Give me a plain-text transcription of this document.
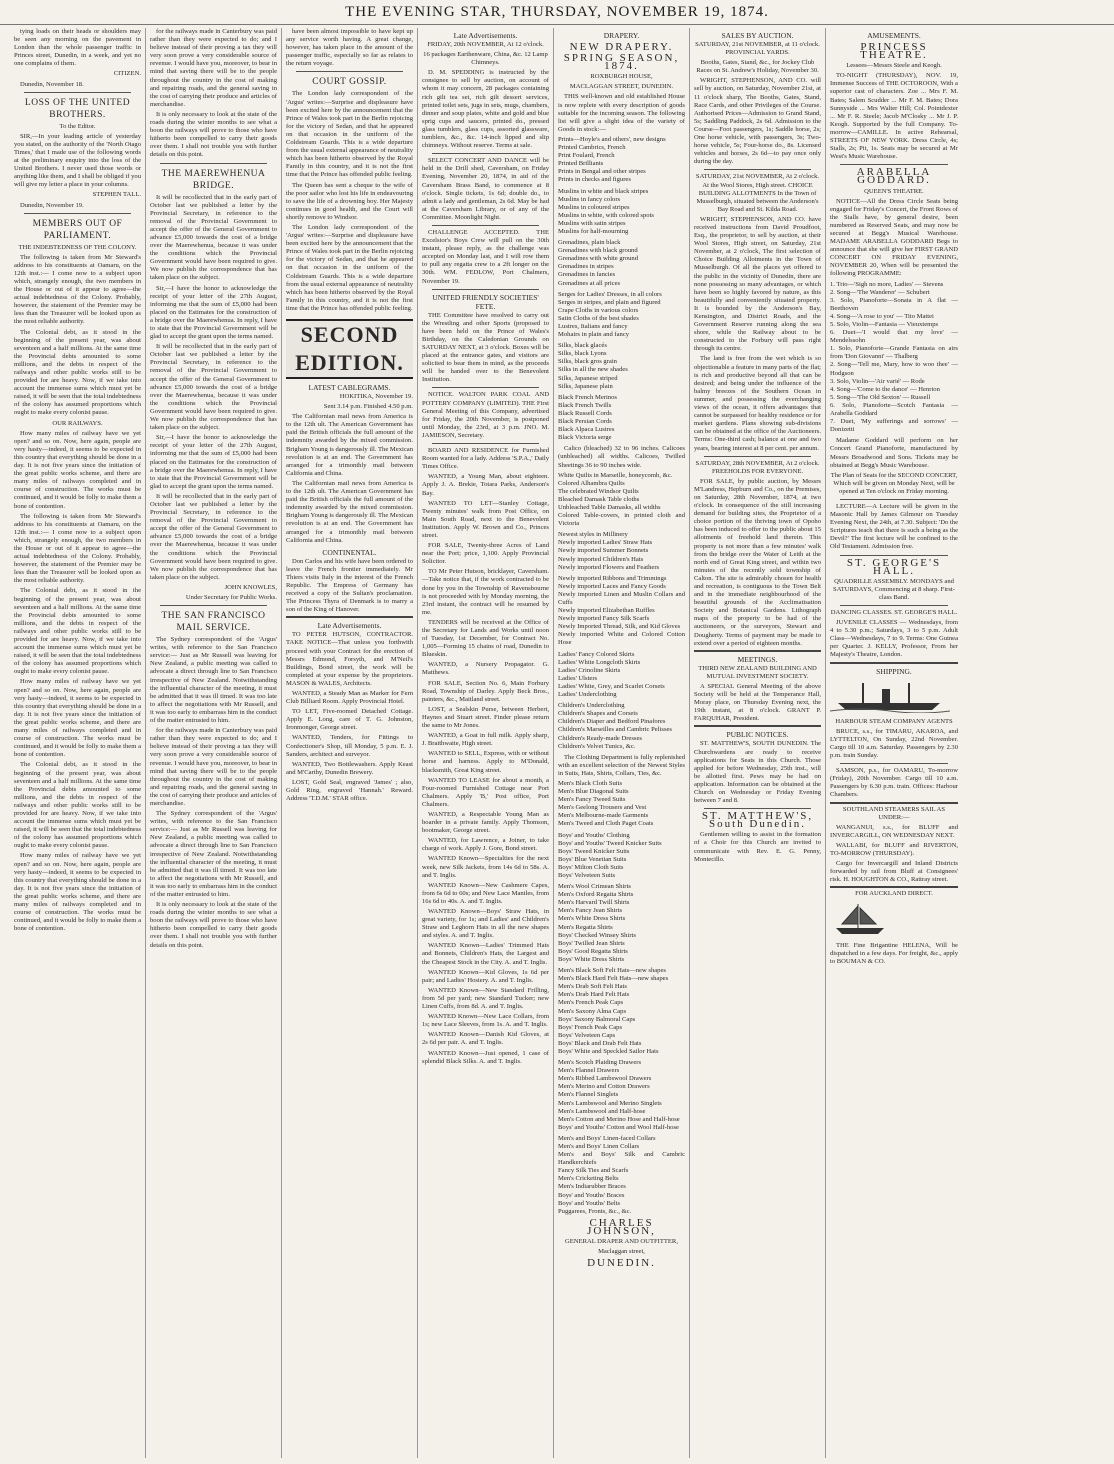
THE EVENING STAR, THURSDAY, NOVEMBER 19, 1874.

tying loads on their heads or shoulders may be seen any morning on the pavement in London than the whole passenger traffic in Princes street, Dunedin, in a week, and yet no one complains of them.

CITIZEN.

Dunedin, November 18.

LOSS OF THE UNITED BROTHERS.

To the Editor.

SIR,—In your leading article of yesterday you stated, on the authority of the 'North Otago Times,' that I made use of the following words at the preliminary enquiry into the loss of the United Brothers. I never used those words or anything like them, and I shall be obliged if you will give my letter a place in your columns.

STEPHEN TALL.

Dunedin, November 19.

MEMBERS OUT OF PARLIAMENT.

THE INDEBTEDNESS OF THE COLONY.

The following is taken from Mr Steward's address to his constituents at Oamaru, on the 12th inst.:— I come now to a subject upon which, strangely enough, the two members in the House or out of it appear to agree—the actual indebtedness of the Colony. Probably, however, the statement of the Premier may be less than the Treasurer will be looked upon as the most reliable authority.

The Colonial debt, as it stood in the beginning of the present year, was about seventeen and a half millions. At the same time the Provincial debts amounted to some millions, and the debts in respect of the railways and other public works still to be provided for are heavy. Now, if we take into account the immense sums which must yet be raised, it will be seen that the total indebtedness of the colony has assumed proportions which ought to make every colonist pause.

OUR RAILWAYS.

How many miles of railway have we yet open? and so on. Now, here again, people are very hasty—indeed, it seems to be expected in this country that everything should be done in a day. It is not five years since the initiation of the great public works scheme, and there are many miles of railways completed and in course of construction. The works must be continued, and it would be folly to make them a bone of contention.

The following is taken from Mr Steward's address to his constituents at Oamaru, on the 12th inst.:— I come now to a subject upon which, strangely enough, the two members in the House or out of it appear to agree—the actual indebtedness of the Colony. Probably, however, the statement of the Premier may be less than the Treasurer will be looked upon as the most reliable authority.

The Colonial debt, as it stood in the beginning of the present year, was about seventeen and a half millions. At the same time the Provincial debts amounted to some millions, and the debts in respect of the railways and other public works still to be provided for are heavy. Now, if we take into account the immense sums which must yet be raised, it will be seen that the total indebtedness of the colony has assumed proportions which ought to make every colonist pause.

How many miles of railway have we yet open? and so on. Now, here again, people are very hasty—indeed, it seems to be expected in this country that everything should be done in a day. It is not five years since the initiation of the great public works scheme, and there are many miles of railways completed and in course of construction. The works must be continued, and it would be folly to make them a bone of contention.

The Colonial debt, as it stood in the beginning of the present year, was about seventeen and a half millions. At the same time the Provincial debts amounted to some millions, and the debts in respect of the railways and other public works still to be provided for are heavy. Now, if we take into account the immense sums which must yet be raised, it will be seen that the total indebtedness of the colony has assumed proportions which ought to make every colonist pause.

How many miles of railway have we yet open? and so on. Now, here again, people are very hasty—indeed, it seems to be expected in this country that everything should be done in a day. It is not five years since the initiation of the great public works scheme, and there are many miles of railways completed and in course of construction. The works must be continued, and it would be folly to make them a bone of contention.

for the railways made in Canterbury was paid rather than they were expected to do; and I believe instead of their proving a tax they will very soon prove a very considerable source of revenue. I would have you, moreover, to bear in mind that saving there will be to the people throughout the country in the cost of making and repairing roads, and the general saving in the cost of carrying their produce and articles of merchandise.

It is only necessary to look at the state of the roads during the winter months to see what a boon the railways will prove to those who have hitherto been compelled to carry their goods over them. I shall not trouble you with further details on this point.

THE MAEREWHENUA BRIDGE.

It will be recollected that in the early part of October last we published a letter by the Provincial Secretary, in reference to the removal of the Provincial Government to accept the offer of the General Government to advance £5,000 towards the cost of a bridge over the Maerewhenua, because it was under the conditions which the Provincial Government would have been required to give. We now publish the correspondence that has taken place on the subject.

Sir,—I have the honor to acknowledge the receipt of your letter of the 27th August, informing me that the sum of £5,000 had been placed on the Estimates for the construction of a bridge over the Maerewhenua. In reply, I have to state that the Provincial Government will be glad to accept the grant upon the terms named.

It will be recollected that in the early part of October last we published a letter by the Provincial Secretary, in reference to the removal of the Provincial Government to accept the offer of the General Government to advance £5,000 towards the cost of a bridge over the Maerewhenua, because it was under the conditions which the Provincial Government would have been required to give. We now publish the correspondence that has taken place on the subject.

Sir,—I have the honor to acknowledge the receipt of your letter of the 27th August, informing me that the sum of £5,000 had been placed on the Estimates for the construction of a bridge over the Maerewhenua. In reply, I have to state that the Provincial Government will be glad to accept the grant upon the terms named.

It will be recollected that in the early part of October last we published a letter by the Provincial Secretary, in reference to the removal of the Provincial Government to accept the offer of the General Government to advance £5,000 towards the cost of a bridge over the Maerewhenua, because it was under the conditions which the Provincial Government would have been required to give. We now publish the correspondence that has taken place on the subject.

JOHN KNOWLES,

Under Secretary for Public Works.

THE SAN FRANCISCO MAIL SERVICE.

The Sydney correspondent of the 'Argus' writes, with reference to the San Francisco service:— Just as Mr Russell was leaving for New Zealand, a public meeting was called to advocate a direct through line to San Francisco irrespective of New Zealand. Notwithstanding the influential character of the meeting, it must be admitted that it was ill timed. It was too late to affect the negotiations with Mr Russell, and it was too early to embarrass him in the conduct of the matter entrusted to him.

for the railways made in Canterbury was paid rather than they were expected to do; and I believe instead of their proving a tax they will very soon prove a very considerable source of revenue. I would have you, moreover, to bear in mind that saving there will be to the people throughout the country in the cost of making and repairing roads, and the general saving in the cost of carrying their produce and articles of merchandise.

The Sydney correspondent of the 'Argus' writes, with reference to the San Francisco service:— Just as Mr Russell was leaving for New Zealand, a public meeting was called to advocate a direct through line to San Francisco irrespective of New Zealand. Notwithstanding the influential character of the meeting, it must be admitted that it was ill timed. It was too late to affect the negotiations with Mr Russell, and it was too early to embarrass him in the conduct of the matter entrusted to him.

It is only necessary to look at the state of the roads during the winter months to see what a boon the railways will prove to those who have hitherto been compelled to carry their goods over them. I shall not trouble you with further details on this point.

have been almost impossible to have kept up any service worth having. A great change, however, has taken place in the amount of the passenger traffic, especially so far as relates to the return voyage.

COURT GOSSIP.

The London lady correspondent of the 'Argus' writes:—Surprise and displeasure have been excited here by the announcement that the Prince of Wales took part in the Berlin rejoicing for the victory of Sedan, and that he appeared on that occasion in the uniform of the Coldstream Guards. This is a wide departure from the usual external appearance of neutrality which has been hitherto observed by the Royal Family in this country, and it is not the first time that the Prince has offended public feeling.

The Queen has sent a cheque to the wife of the poor sailor who lost his life in endeavouring to save the life of a drowning boy. Her Majesty continues in good health, and the Court will shortly remove to Windsor.

The London lady correspondent of the 'Argus' writes:—Surprise and displeasure have been excited here by the announcement that the Prince of Wales took part in the Berlin rejoicing for the victory of Sedan, and that he appeared on that occasion in the uniform of the Coldstream Guards. This is a wide departure from the usual external appearance of neutrality which has been hitherto observed by the Royal Family in this country, and it is not the first time that the Prince has offended public feeling.

SECOND EDITION.
LATEST CABLEGRAMS.

HOKITIKA, November 19.

Sent 3.14 p.m. Finished 4.50 p.m.

The Californian mail news from America is to the 12th ult. The American Government has paid the British officials the full amount of the indemnity awarded by the mixed commission. Brigham Young is dangerously ill. The Mexican revolution is at an end. The Government has arranged for a trimonthly mail between California and China.

The Californian mail news from America is to the 12th ult. The American Government has paid the British officials the full amount of the indemnity awarded by the mixed commission. Brigham Young is dangerously ill. The Mexican revolution is at an end. The Government has arranged for a trimonthly mail between California and China.

CONTINENTAL.

Don Carlos and his wife have been ordered to leave the French frontier immediately. Mr Thiers visits Italy in the interest of the French Republic. The Empress of Germany has received a copy of the Sultan's proclamation. The Princess Thyra of Denmark is to marry a son of the King of Hanover.

Late Advertisements.

TO PETER HUTSON, CONTRACTOR. TAKE NOTICE—That unless you forthwith proceed with your Contract for the erection of Messrs Edmond, Forsyth, and M'Neil's Buildings, Bond street, the work will be completed at your expense by the proprietors. MASON & WALES, Architects.

WANTED, a Steady Man as Marker for Fern Club Billiard Room. Apply Provincial Hotel.

TO LET, Five-roomed Detached Cottage. Apply E. Long, care of T. G. Johnston, Ironmonger, George street.

WANTED, Tenders, for Fittings to Confectioner's Shop, till Monday, 5 p.m. E. J. Sanders, architect and surveyor.

WANTED, Two Bottlewashers. Apply Keast and M'Carthy, Dunedin Brewery.

LOST, Gold Seal, engraved 'James' ; also, Gold Ring, engraved 'Hannah.' Reward. Address 'T.D.M.' STAR office.

Late Advertisements.

FRIDAY, 20th NOVEMBER, At 12 o'clock.

16 packages Earthenware, China, &c. 12 Lamp Chimneys.

D. M. SPEDDING is instructed by the consignee to sell by auction, on account of whom it may concern, 28 packages containing rich gilt tea set, rich gilt dessert services, printed toilet sets, jugs in sets, mugs, chambers, dinner and soup plates, white and gold and blue sprig cups and saucers, printed do., pressed glass tumblers, glass cups, assorted glassware, tumblers, &c., &c. 14-inch lipped and slip chimneys. Without reserve. Terms at sale.

SELECT CONCERT AND DANCE will be held in the Drill shed, Caversham, on Friday Evening, November 20, 1874, in aid of the Caversham Brass Band, to commence at 8 o'clock. Single tickets, 1s 6d; double do., to admit a lady and gentleman, 2s 6d. May be had at the Caversham Library, or of any of the Committee. Moonlight Night.

CHALLENGE ACCEPTED. THE Excelsior's Boys Crew will pull on the 30th instant, please reply, as the challenge was accepted on Monday last, and I will row them to pull any regatta crew to a 2ft longer on the 30th. WM. FEDLOW, Port Chalmers, November 19.

UNITED FRIENDLY SOCIETIES' FETE.

THE Committee have resolved to carry out the Wrestling and other Sports (proposed to have been held on the Prince of Wales's Birthday, on the Caledonian Grounds on SATURDAY NEXT, at 3 o'clock. Boxes will be placed at the entrance gates, and visitors are solicited to bear them in mind, as the proceeds will be handed over to the Benevolent Institution.

NOTICE. WALTON PARK COAL AND POTTERY COMPANY (LIMITED). THE First General Meeting of this Company, advertised for Friday, the 20th November, is postponed until Monday, the 23rd, at 3 p.m. JNO. M. JAMIESON, Secretary.

BOARD AND RESIDENCE for Furnished Room wanted for a lady. Address 'S.P.A.,' Daily Times Office.

WANTED, a Young Man, about eighteen. Apply J. A. Brekie, Totara Parks, Anderson's Bay.

WANTED TO LET—Stanley Cottage, Twenty minutes' walk from Post Office, on Main South Road, next to the Benevolent Institution. Apply W. Brown and Co., Princes street.

FOR SALE, Twenty-three Acres of Land near the Port; price, 1,100. Apply Provincial Solicitor.

TO Mr Peter Hutson, bricklayer, Caversham.—Take notice that, if the work contracted to be done by you in the Township of Ravensbourne is not proceeded with by Monday morning, the 23rd instant, the contract will be resumed by me.

TENDERS will be received at the Office of the Secretary for Lands and Works until noon of Tuesday, 1st December, for Contract No. 1,005—Forming 15 chains of road, Dunedin to Blueskin.

WANTED, a Nursery Propagator. G. Matthews.

FOR SALE, Section No. 6, Main Forbury Road, Township of Darley. Apply Beck Bros., painters, &c., Maitland street.

LOST, a Sealskin Purse, between Herbert, Haynes and Stuart street. Finder please return the same to Mr Jones.

WANTED, a Goat in full milk. Apply sharp, J. Braithwaite, High street.

WANTED to SELL, Express, with or without horse and harness. Apply to M'Donald, blacksmith, Great King street.

WANTED TO LEASE for about a month, a Four-roomed Furnished Cottage near Port Chalmers. Apply 'B,' Post office, Port Chalmers.

WANTED, a Respectable Young Man as boarder in a private family. Apply Thomson, bootmaker, George street.

WANTED, for Lawrence, a Joiner, to take charge of work. Apply J. Gore, Bond street.

WANTED Known—Specialties for the next week, new Silk Jackets, from 14s 6d to 58s. A. and T. Inglis.

WANTED Known—New Cashmere Capes, from 6s 6d to 60s; and New Lace Mantles, from 16s 6d to 40s. A. and T. Inglis.

WANTED Known—Boys' Straw Hats, in great variety, for 1s; and Ladies' and Children's Straw and Leghorn Hats in all the new shapes and styles. A. and T. Inglis.

WANTED Known—Ladies' Trimmed Hats and Bonnets, Children's Hats, the Largest and the Cheapest Stock in the City. A. and T. Inglis.

WANTED Known—Kid Gloves, 1s 6d per pair; and Ladies' Hosiery. A. and T. Inglis.

WANTED Known—New Standard Frilling, from 5d per yard; new Standard Tucker; new Linen Cuffs, from 8d. A. and T. Inglis.

WANTED Known—New Lace Collars, from 1s; new Lace Sleeves, from 1s. A. and T. Inglis.

WANTED Known—Danish Kid Gloves, at 2s 6d per pair. A. and T. Inglis.

WANTED Known—Just opened, 1 case of splendid Black Silks. A. and T. Inglis.

DRAPERY.
NEW DRAPERY.
SPRING SEASON, 1874.

ROXBURGH HOUSE,

MACLAGGAN STREET, DUNEDIN.

THIS well-known and old established House is now replete with every description of goods suitable for the incoming season. The following list will give a slight idea of the variety of Goods in stock:—

Prints—Hoyle's and others', new designs
Printed Cambrics, French
Print Foulard, French
Printed Brilliants
Prints in Bengal and other stripes
Prints in checks and figures
Muslins in white and black stripes
Muslins in fancy colors
Muslins in coloured stripes
Muslins in white, with colored spots
Muslins with satin stripes
Muslins for half-mourning
Grenadines, plain black
Grenadines with black ground
Grenadines with white ground
Grenadines in stripes
Grenadines in fancies
Grenadines at all prices
Serges for Ladies' Dresses, in all colors
Serges in stripes, and plain and figured
Crape Cloths in various colors
Satin Cloths of the best shades
Lustres, Italians and fancy
Mohairs in plain and fancy
Silks, black glacés
Silks, black Lyons
Silks, black gros grain
Silks in all the new shades
Silks, Japanese striped
Silks, Japanese plain
Black French Merinos
Black French Twills
Black Russell Cords
Black Persian Cords
Black Alpaca Lustres
Black Victoria serge

Calico (bleached) 32 to 96 inches. Calicoes (unbleached) all widths. Calicoes, Twilled Sheetings 36 to 90 inches wide.

White Quilts in Marseille, honeycomb, &c.
Colored Alhambra Quilts
The celebrated Windsor Quilts
Bleached Damask Table cloths
Unbleached Table Damasks, all widths
Colored Table-covers, in printed cloth and Victoria
Newest styles in Millinery
Newly imported Ladies' Straw Hats
Newly imported Summer Bonnets
Newly imported Children's Hats
Newly imported Flowers and Feathers
Newly imported Ribbons and Trimmings
Newly imported Laces and Fancy Goods
Newly imported Linen and Muslin Collars and Cuffs
Newly imported Elizabethan Ruffles
Newly imported Fancy Silk Scarfs
Newly Imported Thread, Silk, and Kid Gloves
Newly imported White and Colored Cotton Hose
Ladies' Fancy Colored Skirts
Ladies' White Longcloth Skirts
Ladies' Crinoline Skirts
Ladies' Ulsters
Ladies' White, Grey, and Scarlet Corsets
Ladies' Underclothing
Children's Underclothing
Children's Shapes and Corsets
Children's Diaper and Bedford Pinafores
Children's Marseilles and Cambric Pelisses
Children's Ready-made Dresses
Children's Velvet Tunics, &c.

The Clothing Department is fully replenished with an excellent selection of the Newest Styles in Suits, Hats, Shirts, Collars, Ties, &c.

Men's Black Cloth Suits
Men's Blue Diagonal Suits
Men's Fancy Tweed Suits
Men's Geelong Trousers and Vest
Men's Melbourne-made Garments
Men's Tweed and Cloth Paget Coats
Boys' and Youths' Clothing
Boys' and Youths' Tweed Knicker Suits
Boys' Tweed Knicker Suits
Boys' Blue Venetian Suits
Boys' Milton Cloth Suits
Boys' Velveteen Suits
Men's Wool Crimean Shirts
Men's Oxford Regatta Shirts
Men's Harvard Twill Shirts
Men's Fancy Jean Shirts
Men's White Dress Shirts
Men's Regatta Shirts
Boys' Checked Winsey Shirts
Boys' Twilled Jean Shirts
Boys' Good Regatta Shirts
Boys' White Dress Shirts
Men's Black Soft Felt Hats—new shapes
Men's Black Hard Felt Hats—new shapes
Men's Drab Soft Felt Hats
Men's Drab Hard Felt Hats
Men's French Peak Caps
Men's Saxony Alma Caps
Boys' Saxony Balmoral Caps
Boys' French Peak Caps
Boys' Velveteen Caps
Boys' Black and Drab Felt Hats
Boys' White and Speckled Sailor Hats
Men's Scotch Plaiding Drawers
Men's Flannel Drawers
Men's Ribbed Lambswool Drawers
Men's Merino and Cotton Drawers
Men's Flannel Singlets
Men's Lambswool and Merino Singlets
Men's Lambswool and Half-hose
Men's Cotton and Merino Hose and Half-hose
Boys' and Youths' Cotton and Wool Half-hose
Men's and Boys' Linen-faced Collars
Men's and Boys' Linen Collars
Men's and Boys' Silk and Cambric Handkerchiefs
Fancy Silk Ties and Scarfs
Men's Cricketing Belts
Men's Indiarubber Braces
Boys' and Youths' Braces
Boys' and Youths' Belts
Puggarees, Fronts, &c., &c.
CHARLES JOHNSON,

GENERAL DRAPER AND OUTFITTER,

Maclaggan street,

DUNEDIN.
SALES BY AUCTION.

SATURDAY, 21st NOVEMBER, at 11 o'clock. PROVINCIAL YARDS.

Booths, Gates, Stand, &c., for Jockey Club Races on St. Andrew's Holiday, November 30.

WRIGHT, STEPHENSON, AND CO. will sell by auction, on Saturday, November 21st, at 11 o'clock sharp, The Booths, Gates, Stand, Race Cards, and other Privileges of the Course. Authorised Prices—Admission to Grand Stand, 5s; Saddling Paddock, 2s 6d. Admission to the Course—Foot passengers, 1s; Saddle horse, 2s; One horse vehicle, with passengers, 3s; Two-horse vehicle, 5s; Four-horse do., 8s. Licensed vehicles and horses, 2s 6d—to pay once only during the day.

SATURDAY, 21st NOVEMBER, At 2 o'clock. At the Wool Stores, High street. CHOICE BUILDING ALLOTMENTS In the Town of Musselburgh, situated between the Anderson's Bay Road and St. Kilda Road.

WRIGHT, STEPHENSON, AND CO. have received instructions from David Proudfoot, Esq., the proprietor, to sell by auction, at their Wool Stores, High street, on Saturday, 21st November, at 2 o'clock, The first selection of Choice Building Allotments in the Town of Musselburgh. Of all the places yet offered to the public in the vicinity of Dunedin, there are none possessing so many advantages, or which have been so highly favored by nature, as this beautifully and conveniently situated property. It is bounded by the Anderson's Bay, Kensington, and District Roads, and the Government Reserve running along the sea shore, while the Railway about to be constructed to the Forbury will pass right through its centre.

The land is free from the wet which is so objectionable a feature in many parts of the flat; is rich and productive beyond all that can be desired; and being under the influence of the balmy breezes of the Southern Ocean in summer, and possessing the everchanging views of the ocean, it offers advantages that cannot be surpassed for healthy residence or for market gardens. Plans showing sub-divisions can be obtained at the office of the Auctioneers. Terms: One-third cash; balance at one and two years, bearing interest at 8 per cent. per annum.

SATURDAY, 28th NOVEMBER, At 2 o'clock. FREEHOLDS FOR EVERYONE.

FOR SALE, by public auction, by Messrs M'Landress, Hepburn and Co., on the Premises, on Saturday, 28th November, 1874, at two o'clock. In consequence of the still increasing demand for building sites, the Proprietor of a choice portion of the thriving town of Opoho has been induced to offer to the public about 15 allotments of freehold land therein. This property is not more than a few minutes' walk from the bridge over the Water of Leith at the north end of Great King street, and within two minutes of the recently sold township of Calton. The site is admirably chosen for health and recreation, is contiguous to the Town Belt and in the immediate neighbourhood of the beautiful grounds of the Acclimatisation Society and Botanical Gardens. Lithograph maps of the property to be had of the auctioneers, or the surveyors, Stewart and Dougherty. Terms of payment may be made to extend over a period of eighteen months.

MEETINGS.

THIRD NEW ZEALAND BUILDING AND MUTUAL INVESTMENT SOCIETY.

A SPECIAL General Meeting of the above Society will be held at the Temperance Hall, Moray place, on Thursday Evening next, the 19th instant, at 8 o'clock. GRANT P. FARQUHAR, President.

PUBLIC NOTICES.

ST. MATTHEW'S, SOUTH DUNEDIN. The Churchwardens are ready to receive applications for Seats in this Church. Those applied for before Wednesday, 25th inst., will be allotted first. Pews may be had on application. Information can be obtained at the Church on Wednesday or Friday Evening between 7 and 8.

ST. MATTHEW'S, South Dunedin.

Gentlemen willing to assist in the formation of a Choir for this Church are invited to communicate with Rev. E. G. Penny, Montecillo.

AMUSEMENTS.
PRINCESS THEATRE.

Lessees—Messrs Steele and Keogh.

TO-NIGHT (THURSDAY), NOV. 19, Immense Success of THE OCTOROON, With a superior cast of characters. Zoe ... Mrs F. M. Bates; Salem Scudder ... Mr F. M. Bates; Dora Sunnyside ... Mrs Walter Hill; Col. Pointdexter ... Mr F. R. Steele; Jacob M'Closky ... Mr J. P. Keogh. Supported by the full Company. To-morrow—CAMILLE. In active Rehearsal, STREETS OF NEW YORK. Dress Circle, 4s; Stalls, 2s; Pit, 1s. Seats may be secured at Mr West's Music Warehouse.

ARABELLA GODDARD.

QUEEN'S THEATRE.

NOTICE—All the Dress Circle Seats being engaged for Friday's Concert, the Front Rows of the Stalls have, by general desire, been numbered as Reserved Seats, and may now be secured at Begg's Musical Warehouse. MADAME ARABELLA GODDARD Begs to announce that she will give her FIRST GRAND CONCERT ON FRIDAY EVENING, NOVEMBER 20, When will be presented the following PROGRAMME:

1. Trio—'Sigh no more, Ladies' — Stevens
2. Song—'The Wanderer' — Schubert
3. Solo, Pianoforte—Sonata in A flat — Beethoven
4. Song—'A rose to you' — Tito Mattei
5. Solo, Violin—Fantasia — Vieuxtemps
6. Duet—'I would that my love' — Mendelssohn
1. Solo, Pianoforte—Grande Fantasia on airs from 'Don Giovanni' — Thalberg
2. Song—'Tell me, Mary, how to woo thee' — Hodgson
3. Solo, Violin—'Air varié' — Rode
4. Song—'Come to the dance' — Henrion
5. Song—'The Old Sexton' — Russell
6. Solo, Pianoforte—Scotch Fantasia — Arabella Goddard
7. Duet, 'My sufferings and sorrows' — Donizetti

Madame Goddard will perform on her Concert Grand Pianoforte, manufactured by Messrs Broadwood and Sons. Tickets may be obtained at Begg's Music Warehouse.

The Plan of Seats for the SECOND CONCERT, Which will be given on Monday Next, will be opened at Ten o'clock on Friday morning.

LECTURE—A Lecture will be given in the Masonic Hall by James Gilmour on Tuesday Evening Next, the 24th, at 7.30. Subject: 'Do the Scriptures teach that there is such a being as the Devil?' The first lecture will be confined to the Old Testament. Admission free.

ST. GEORGE'S HALL.

QUADRILLE ASSEMBLY. MONDAYS and SATURDAYS, Commencing at 8 sharp. First-class Band.

DANCING CLASSES. ST. GEORGE'S HALL.

JUVENILE CLASSES — Wednesdays, from 4 to 5.30 p.m.; Saturdays, 3 to 5 p.m. Adult Class—Wednesdays, 7 to 9. Terms: One Guinea per Quarter. J. KELLY, Professor, From her Majesty's Theatre, London.

SHIPPING.

HARBOUR STEAM COMPANY AGENTS

BRUCE, s.s., for TIMARU, AKAROA, and LYTTELTON, On Sunday, 22nd November. Cargo till 10 a.m. Saturday. Passengers by 2.30 p.m. train Sunday.

SAMSON, p.s., for OAMARU, To-morrow (Friday), 20th November. Cargo till 10 a.m. Passengers by 6.30 p.m. train. Offices: Harbour Chambers.

SOUTHLAND STEAMERS SAIL AS UNDER:—

WANGANUI, s.s., for BLUFF and INVERCARGILL, ON WEDNESDAY NEXT.

WALLABI, for BLUFF and RIVERTON, TO-MORROW (THURSDAY).

Cargo for Invercargill and Inland Districts forwarded by rail from Bluff at Consignees' risk. H. HOUGHTON & CO., Rattray street.

FOR AUCKLAND DIRECT.

THE Fine Brigantine HELENA, Will be dispatched in a few days. For freight, &c., apply to BOUMAN & CO.
